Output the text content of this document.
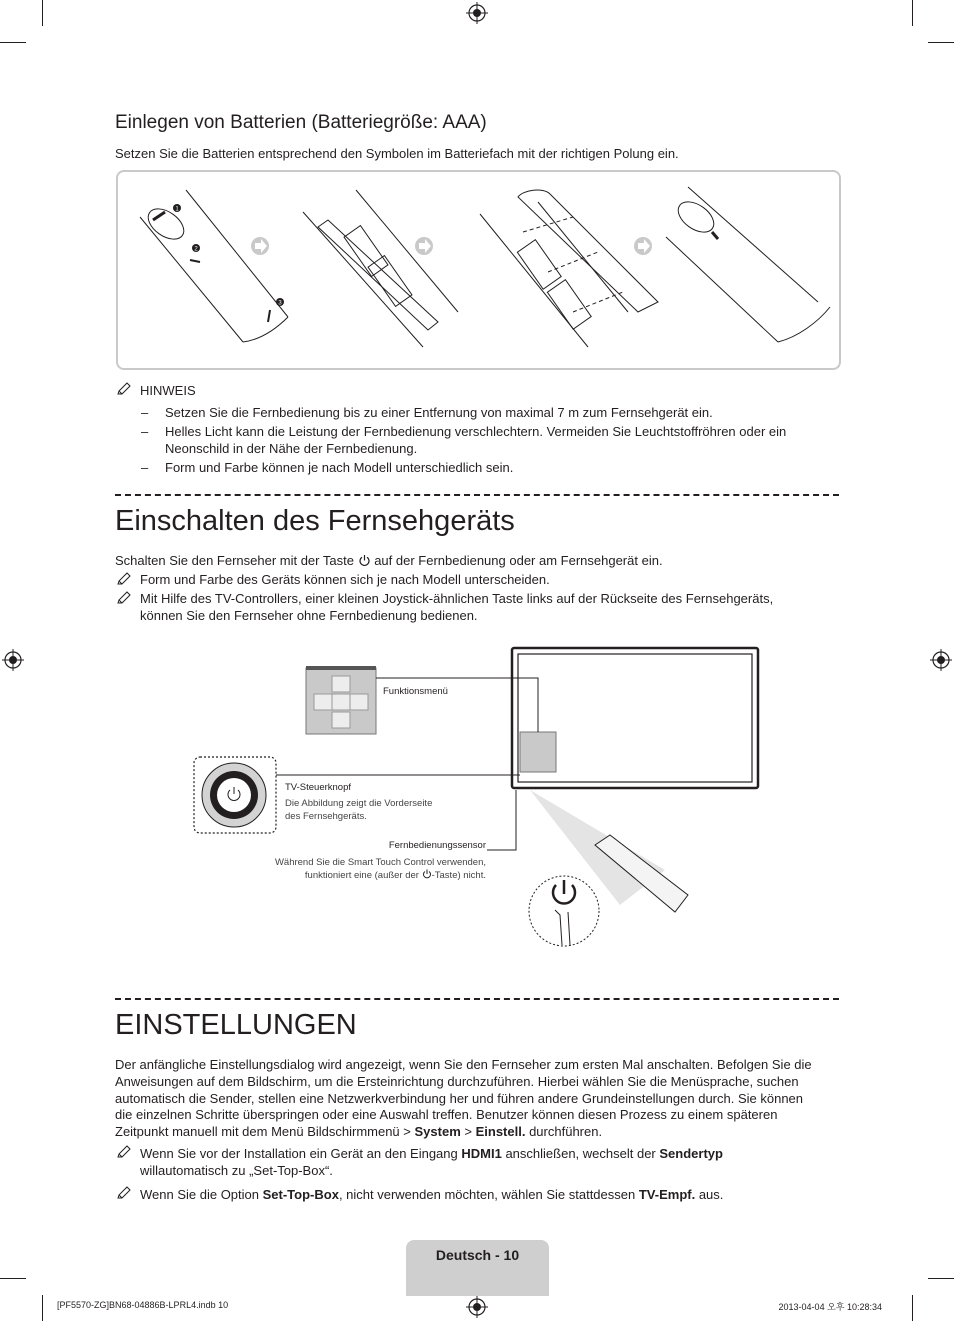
Einlegen von Batterien (Batteriegröße: AAA)
Setzen Sie die Batterien entsprechend den Symbolen im Batteriefach mit der richtigen Polung ein.
1
2
3
HINWEIS
– Setzen Sie die Fernbedienung bis zu einer Entfernung von maximal 7 m zum Fernsehgerät ein.
– Helles Licht kann die Leistung der Fernbedienung verschlechtern. Vermeiden Sie Leuchtstoffröhren oder ein
Neonschild in der Nähe der Fernbedienung.
– Form und Farbe können je nach Modell unterschiedlich sein.
Einschalten des Fernsehgeräts
Schalten Sie den Fernseher mit der Taste auf der Fernbedienung oder am Fernsehgerät ein.
Form und Farbe des Geräts können sich je nach Modell unterscheiden.
Mit Hilfe des TV-Controllers, einer kleinen Joystick-ähnlichen Taste links auf der Rückseite des Fernsehgeräts,
können Sie den Fernseher ohne Fernbedienung bedienen.
Funktionsmenü
TV-Steuerknopf
Die Abbildung zeigt die Vorderseite
des Fernsehgeräts.
Fernbedienungssensor
Während Sie die Smart Touch Control verwenden,
funktioniert eine (außer der -Taste) nicht.
EINSTELLUNGEN
Der anfängliche Einstellungsdialog wird angezeigt, wenn Sie den Fernseher zum ersten Mal anschalten. Befolgen Sie die
Anweisungen auf dem Bildschirm, um die Ersteinrichtung durchzuführen. Hierbei wählen Sie die Menüsprache, suchen
automatisch die Sender, stellen eine Netzwerkverbindung her und führen andere Grundeinstellungen durch. Sie können
die einzelnen Schritte überspringen oder eine Auswahl treffen. Benutzer können diesen Prozess zu einem späteren
Zeitpunkt manuell mit dem Menü Bildschirmmenü > System > Einstell. durchführen.
Wenn Sie vor der Installation ein Gerät an den Eingang HDMI1 anschließen, wechselt der Sendertyp
willautomatisch zu „Set-Top-Box“.
Wenn Sie die Option Set-Top-Box, nicht verwenden möchten, wählen Sie stattdessen TV-Empf. aus.
Deutsch - 10
[PF5570-ZG]BN68-04886B-LPRL4.indb 10	2013-04-04 오후 10:28:34
